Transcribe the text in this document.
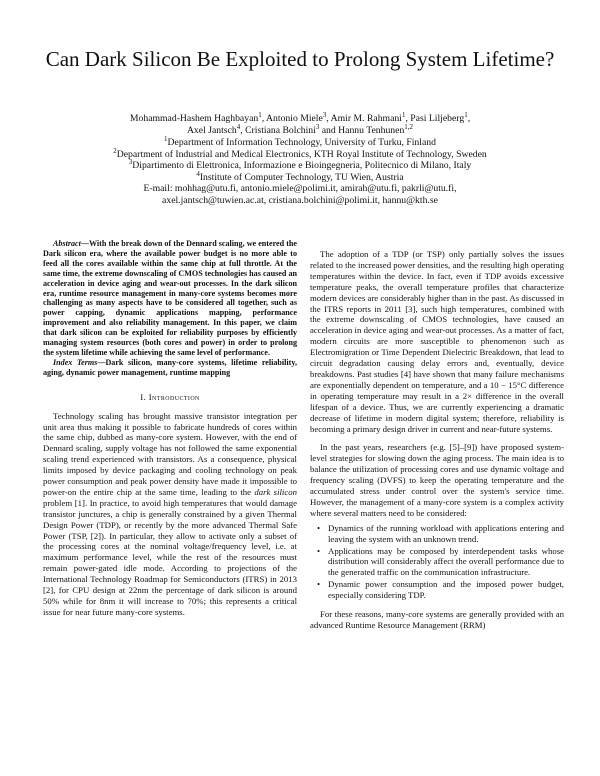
Can Dark Silicon Be Exploited to Prolong System Lifetime?
Mohammad-Hashem Haghbayan$^1$, Antonio Miele$^3$, Amir M. Rahmani$^1$, Pasi Liljeberg$^1$,
Axel Jantsch$^4$, Cristiana Bolchini$^3$ and Hannu Tenhunen$^{1,2}$
$^1$Department of Information Technology, University of Turku, Finland
$^2$Department of Industrial and Medical Electronics, KTH Royal Institute of Technology, Sweden
$^3$Dipartimento di Elettronica, Informazione e Bioingegneria, Politecnico di Milano, Italy
$^4$Institute of Computer Technology, TU Wien, Austria
E-mail: mohhag@utu.fi, antonio.miele@polimi.it, amirah@utu.fi, pakrli@utu.fi,
axel.jantsch@tuwien.ac.at, cristiana.bolchini@polimi.it, hannu@kth.se

Abstract—With the break down of the Dennard scaling, we entered the Dark silicon era, where the available power budget is no more able to feed all the cores available within the same chip at full throttle. At the same time, the extreme downscaling of CMOS technologies has caused an acceleration in device aging and wear-out processes. In the dark silicon era, runtime resource management in many-core systems becomes more challenging as many aspects have to be considered all together, such as power capping, dynamic applications mapping, performance improvement and also reliability management. In this paper, we claim that dark silicon can be exploited for reliability purposes by efficiently managing system resources (both cores and power) in order to prolong the system lifetime while achieving the same level of performance.

Index Terms—Dark silicon, many-core systems, lifetime reliability, aging, dynamic power management, runtime mapping

I. Introduction

Technology scaling has brought massive transistor integration per unit area thus making it possible to fabricate hundreds of cores within the same chip, dubbed as many-core system. However, with the end of Dennard scaling, supply voltage has not followed the same exponential scaling trend experienced with transistors. As a consequence, physical limits imposed by device packaging and cooling technology on peak power consumption and peak power density have made it impossible to power-on the entire chip at the same time, leading to the dark silicon problem [1]. In practice, to avoid high temperatures that would damage transistor junctures, a chip is generally constrained by a given Thermal Design Power (TDP), or recently by the more advanced Thermal Safe Power (TSP, [2]). In particular, they allow to activate only a subset of the processing cores at the nominal voltage/frequency level, i.e. at maximum performance level, while the rest of the resources must remain power-gated idle mode. According to projections of the International Technology Roadmap for Semiconductors (ITRS) in 2013 [2], for CPU design at 22nm the percentage of dark silicon is around 50% while for 8nm it will increase to 70%; this represents a critical issue for near future many-core systems.

The adoption of a TDP (or TSP) only partially solves the issues related to the increased power densities, and the resulting high operating temperatures within the device. In fact, even if TDP avoids excessive temperature peaks, the overall temperature profiles that characterize modern devices are considerably higher than in the past. As discussed in the ITRS reports in 2011 [3], such high temperatures, combined with the extreme downscaling of CMOS technologies, have caused an acceleration in device aging and wear-out processes. As a matter of fact, modern circuits are more susceptible to phenomenon such as Electromigration or Time Dependent Dielectric Breakdown, that lead to circuit degradation causing delay errors and, eventually, device breakdowns. Past studies [4] have shown that many failure mechanisms are exponentially dependent on temperature, and a 10 − 15°C difference in operating temperature may result in a 2× difference in the overall lifespan of a device. Thus, we are currently experiencing a dramatic decrease of lifetime in modern digital system; therefore, reliability is becoming a primary design driver in current and near-future systems.

In the past years, researchers (e.g. [5]–[9]) have proposed system-level strategies for slowing down the aging process. The main idea is to balance the utilization of processing cores and use dynamic voltage and frequency scaling (DVFS) to keep the operating temperature and the accumulated stress under control over the system's service time. However, the management of a many-core system is a complex activity where several matters need to be considered:

• Dynamics of the running workload with applications entering and leaving the system with an unknown trend.
• Applications may be composed by interdependent tasks whose distribution will considerably affect the overall performance due to the generated traffic on the communication infrastructure.
• Dynamic power consumption and the imposed power budget, especially considering TDP.

For these reasons, many-core systems are generally provided with an advanced Runtime Resource Management (RRM)
